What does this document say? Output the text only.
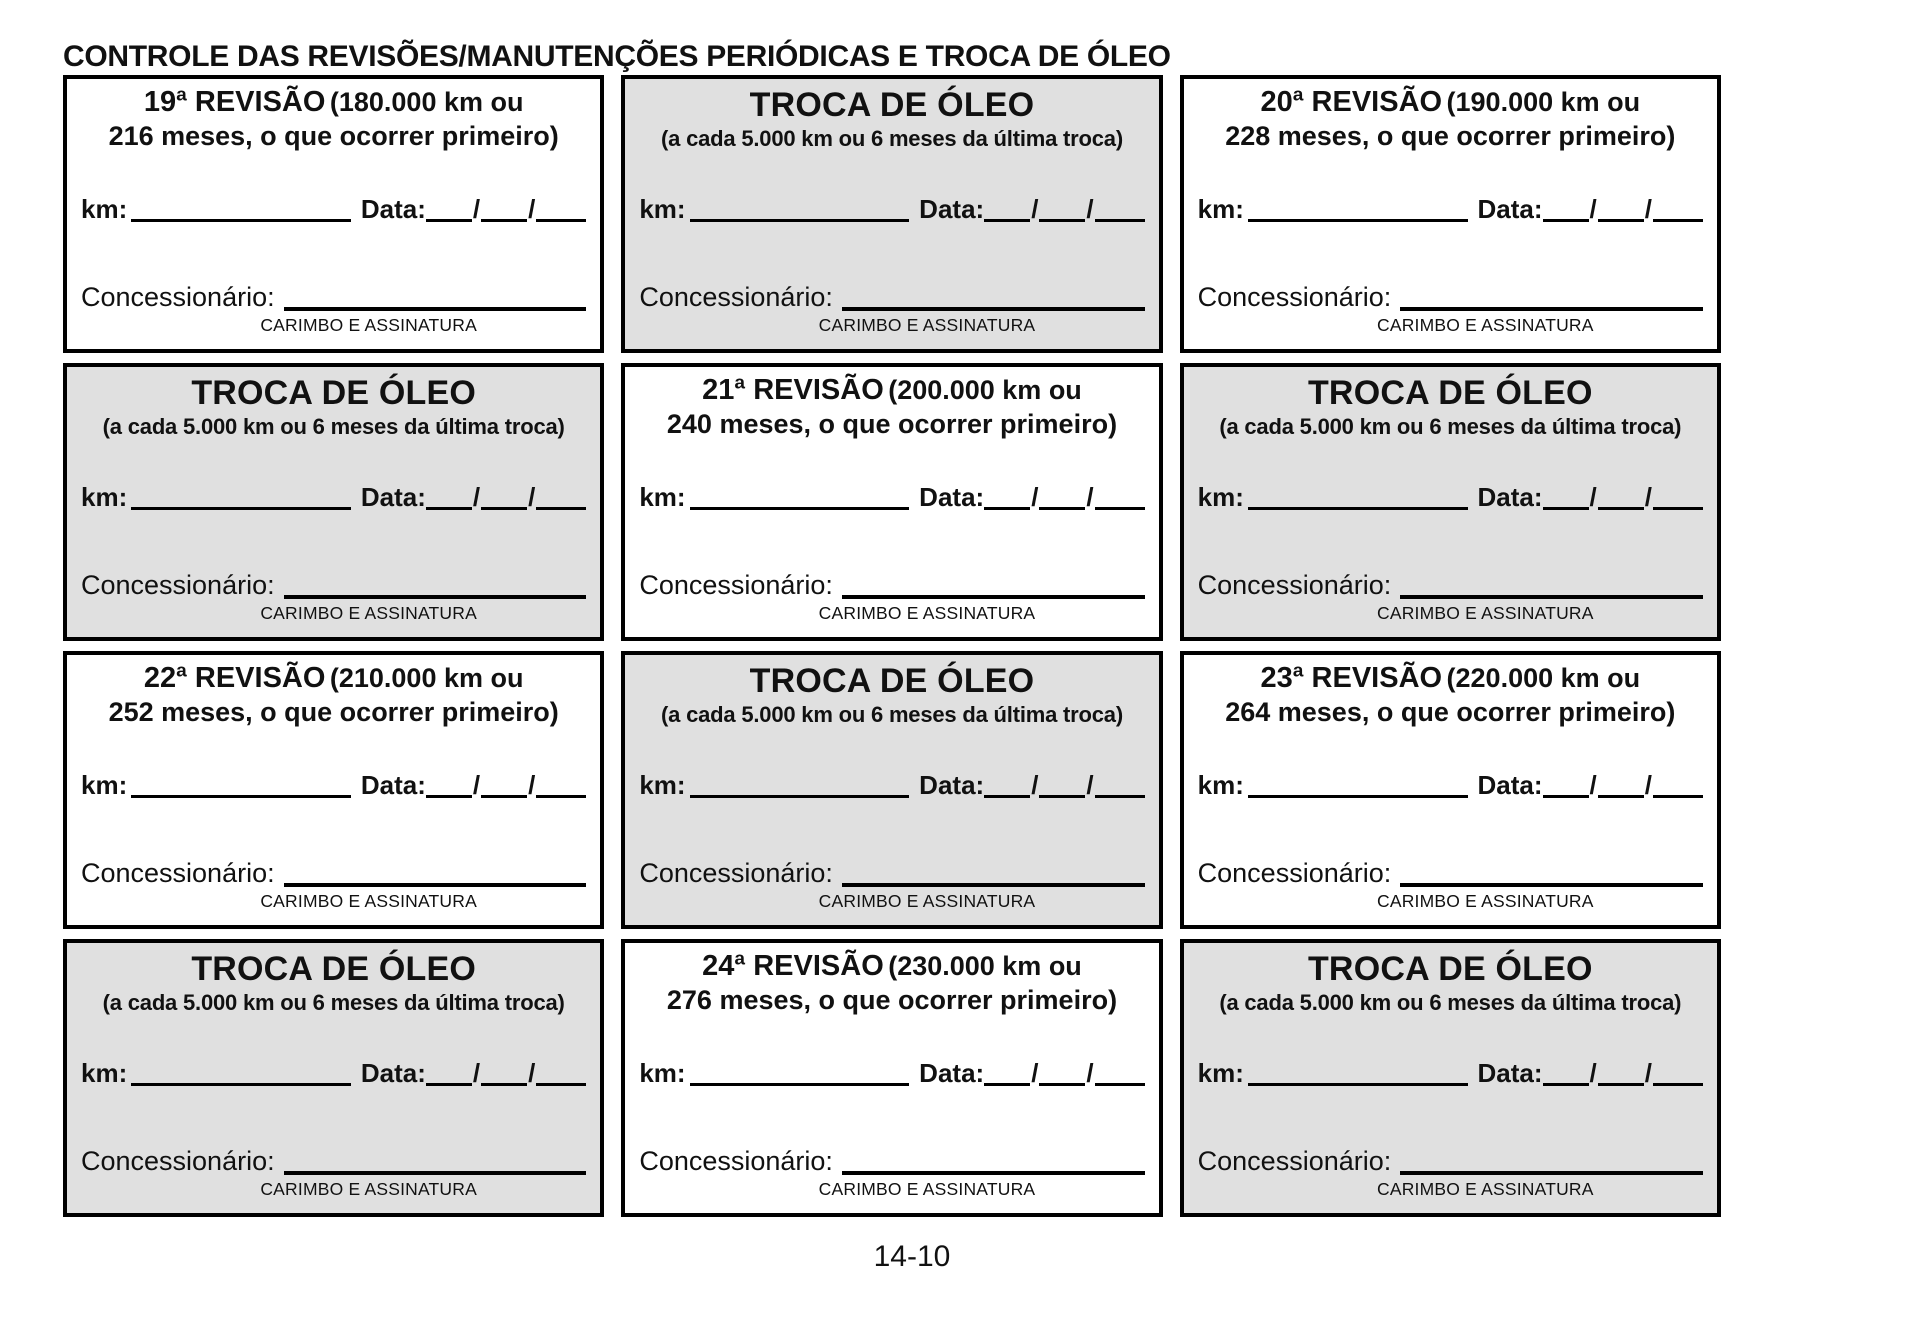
CONTROLE DAS REVISÕES/MANUTENÇÕES PERIÓDICAS E TROCA DE ÓLEO
19ª REVISÃO (180.000 km ou
216 meses, o que ocorrer primeiro)
km:	Data: / /
Concessionário:
CARIMBO E ASSINATURA
TROCA DE ÓLEO
(a cada 5.000 km ou 6 meses da última troca)
km:	Data: / /
Concessionário:
CARIMBO E ASSINATURA
20ª REVISÃO (190.000 km ou
228 meses, o que ocorrer primeiro)
km:	Data: / /
Concessionário:
CARIMBO E ASSINATURA
TROCA DE ÓLEO
(a cada 5.000 km ou 6 meses da última troca)
km:	Data: / /
Concessionário:
CARIMBO E ASSINATURA
21ª REVISÃO (200.000 km ou
240 meses, o que ocorrer primeiro)
km:	Data: / /
Concessionário:
CARIMBO E ASSINATURA
TROCA DE ÓLEO
(a cada 5.000 km ou 6 meses da última troca)
km:	Data: / /
Concessionário:
CARIMBO E ASSINATURA
22ª REVISÃO (210.000 km ou
252 meses, o que ocorrer primeiro)
km:	Data: / /
Concessionário:
CARIMBO E ASSINATURA
TROCA DE ÓLEO
(a cada 5.000 km ou 6 meses da última troca)
km:	Data: / /
Concessionário:
CARIMBO E ASSINATURA
23ª REVISÃO (220.000 km ou
264 meses, o que ocorrer primeiro)
km:	Data: / /
Concessionário:
CARIMBO E ASSINATURA
TROCA DE ÓLEO
(a cada 5.000 km ou 6 meses da última troca)
km:	Data: / /
Concessionário:
CARIMBO E ASSINATURA
24ª REVISÃO (230.000 km ou
276 meses, o que ocorrer primeiro)
km:	Data: / /
Concessionário:
CARIMBO E ASSINATURA
TROCA DE ÓLEO
(a cada 5.000 km ou 6 meses da última troca)
km:	Data: / /
Concessionário:
CARIMBO E ASSINATURA
14-10
